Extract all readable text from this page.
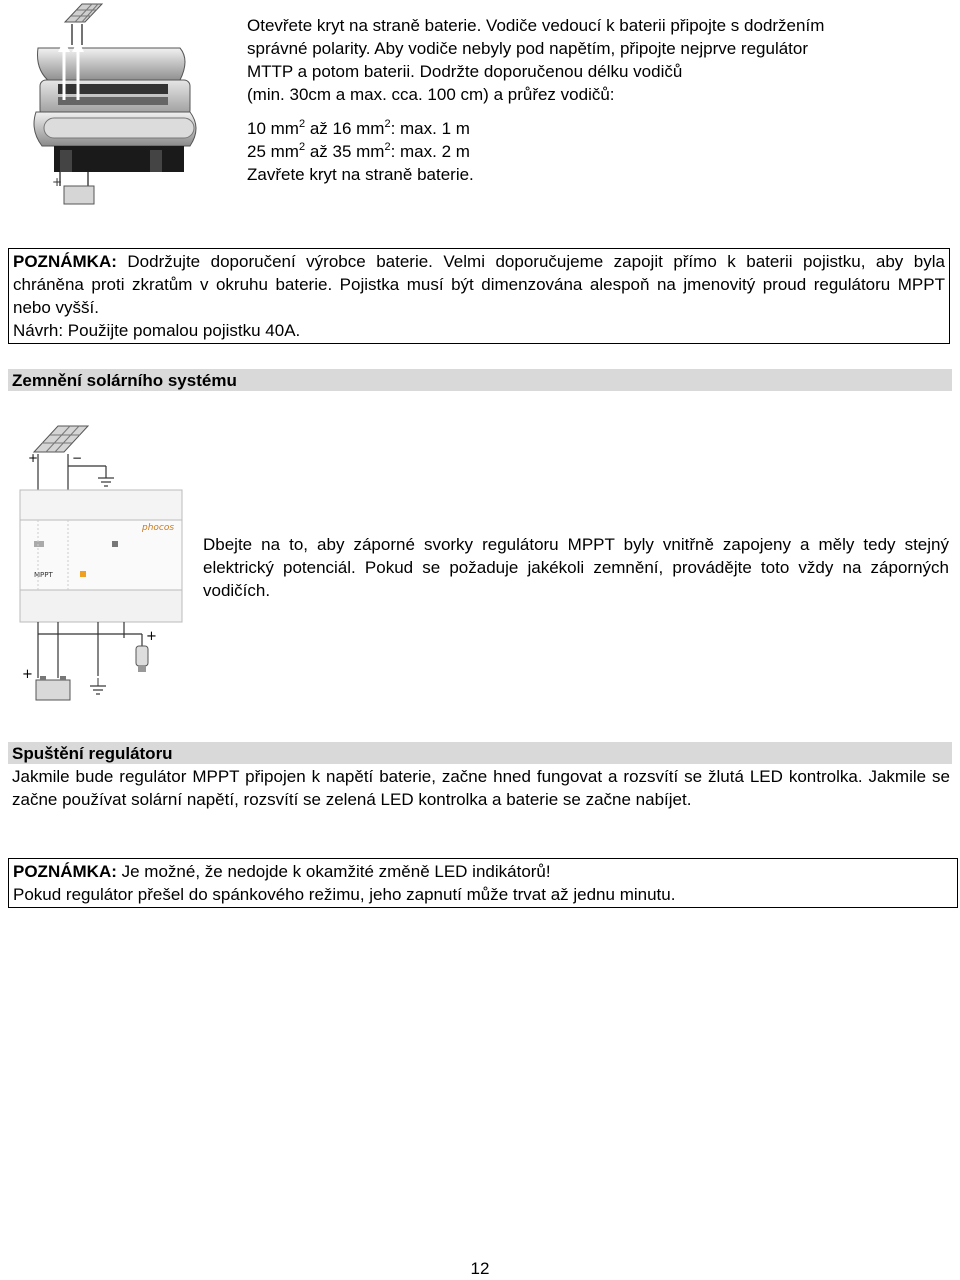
+

Otevřete kryt na straně baterie. Vodiče vedoucí k baterii připojte s dodržením

správné polarity. Aby vodiče nebyly pod napětím, připojte nejprve regulátor

MTTP a potom baterii. Dodržte doporučenou délku vodičů

(min. 30cm a max. cca. 100 cm) a průřez vodičů:

10 $mm^2$ až 16 $mm^2$: max. 1 m

25 $mm^2$ až 35 $mm^2$: max. 2 m

Zavřete kryt na straně baterie.

POZNÁMKA: Dodržujte doporučení výrobce baterie. Velmi doporučujeme zapojit přímo k baterii pojistku, aby byla chráněna proti zkratům v okruhu baterie. Pojistka musí být dimenzována alespoň na jmenovitý proud regulátoru MPPT nebo vyšší.

Návrh: Použijte pomalou pojistku 40A.

Zemnění solárního systému
+	−
phocos
MPPT
+
+
Dbejte na to, aby záporné svorky regulátoru MPPT byly vnitřně zapojeny a měly tedy stejný elektrický potenciál. Pokud se požaduje jakékoli zemnění, provádějte toto vždy na záporných vodičích.
Spuštění regulátoru
Jakmile bude regulátor MPPT připojen k napětí baterie, začne hned fungovat a rozsvítí se žlutá LED kontrolka. Jakmile se začne používat solární napětí, rozsvítí se zelená LED kontrolka a baterie se začne nabíjet.

POZNÁMKA: Je možné, že nedojde k okamžité změně LED indikátorů!

Pokud regulátor přešel do spánkového režimu, jeho zapnutí může trvat až jednu minutu.

12
